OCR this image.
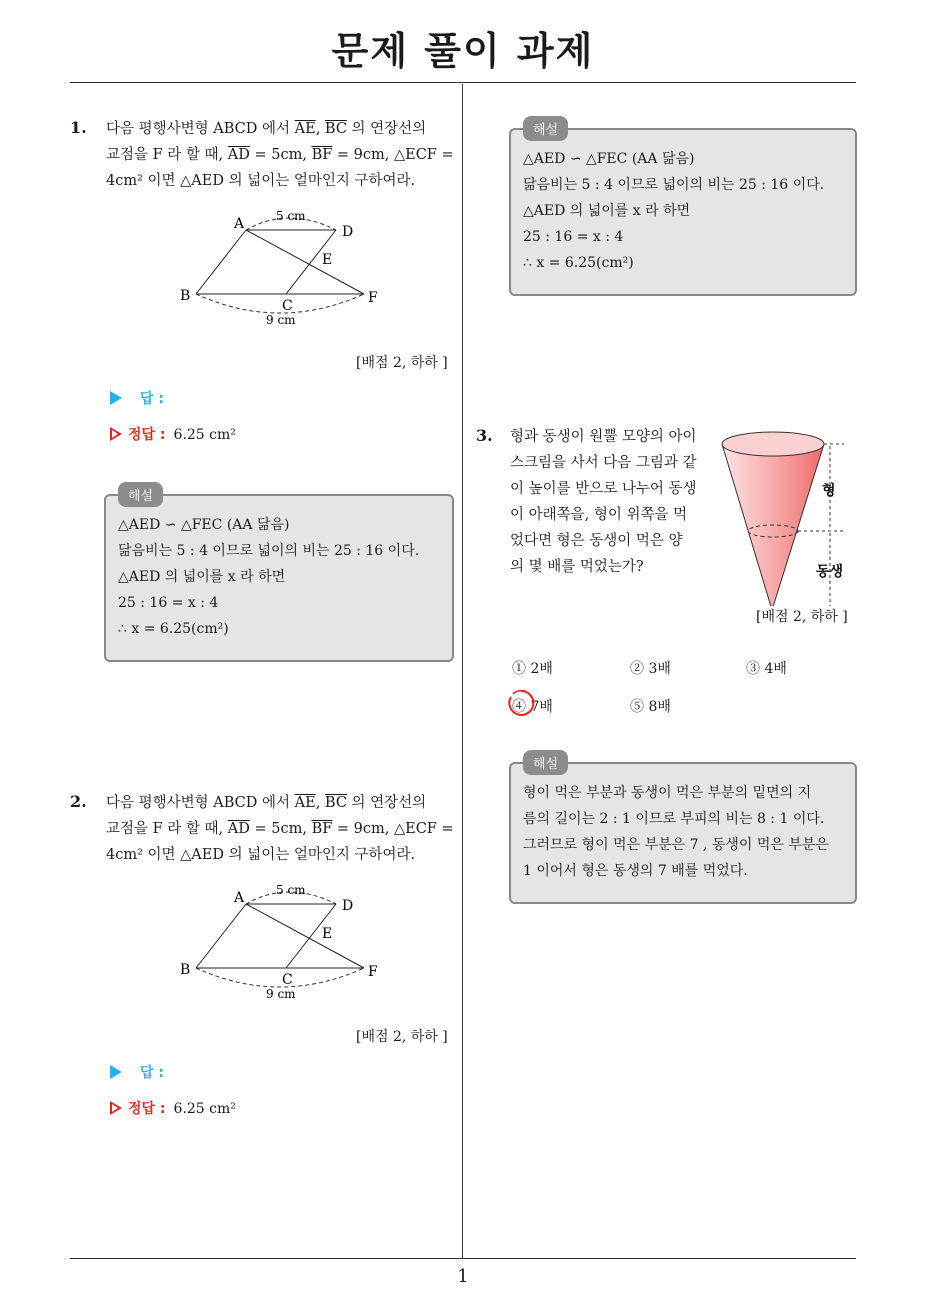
문제 풀이 과제
1
1. 다음 평행사변형 ABCD 에서 $\overline{AE}$, $\overline{BC}$ 의 연장선의
교점을 F 라 할 때, $\overline{AD} = 5cm$, $\overline{BF} = 9cm$, △ECF =
4cm² 이면 △AED 의 넓이는 얼마인지 구하여라.
A	D
E
B
C	F
5 cm
9 cm
[배점 2, 하하 ]
답 :
정답 : 6.25 cm²
해설
△AED ∽ △FEC (AA 닮음)
닮음비는 5 : 4 이므로 넓이의 비는 25 : 16 이다.
△AED 의 넓이를 x 라 하면
25 : 16 = x : 4
∴ x = 6.25(cm²)
2. 다음 평행사변형 ABCD 에서 $\overline{AE}$, $\overline{BC}$ 의 연장선의
교점을 F 라 할 때, $\overline{AD} = 5cm$, $\overline{BF} = 9cm$, △ECF =
4cm² 이면 △AED 의 넓이는 얼마인지 구하여라.
A	D
E
B
C	F
5 cm
9 cm
[배점 2, 하하 ]
답 :
정답 : 6.25 cm²
해설
△AED ∽ △FEC (AA 닮음)
닮음비는 5 : 4 이므로 넓이의 비는 25 : 16 이다.
△AED 의 넓이를 x 라 하면
25 : 16 = x : 4
∴ x = 6.25(cm²)
3. 형과 동생이 원뿔 모양의 아이
스크림을 사서 다음 그림과 같
이 높이를 반으로 나누어 동생
이 아래쪽을, 형이 위쪽을 먹
었다면 형은 동생이 먹은 양
의 몇 배를 먹었는가?
형
동생
[배점 2, 하하 ]
① 2배	② 3배	③ 4배
④ 7배	⑤ 8배
해설
형이 먹은 부분과 동생이 먹은 부분의 밑면의 지
름의 길이는 2 : 1 이므로 부피의 비는 8 : 1 이다.
그러므로 형이 먹은 부분은 7 , 동생이 먹은 부분은
1 이어서 형은 동생의 7 배를 먹었다.
